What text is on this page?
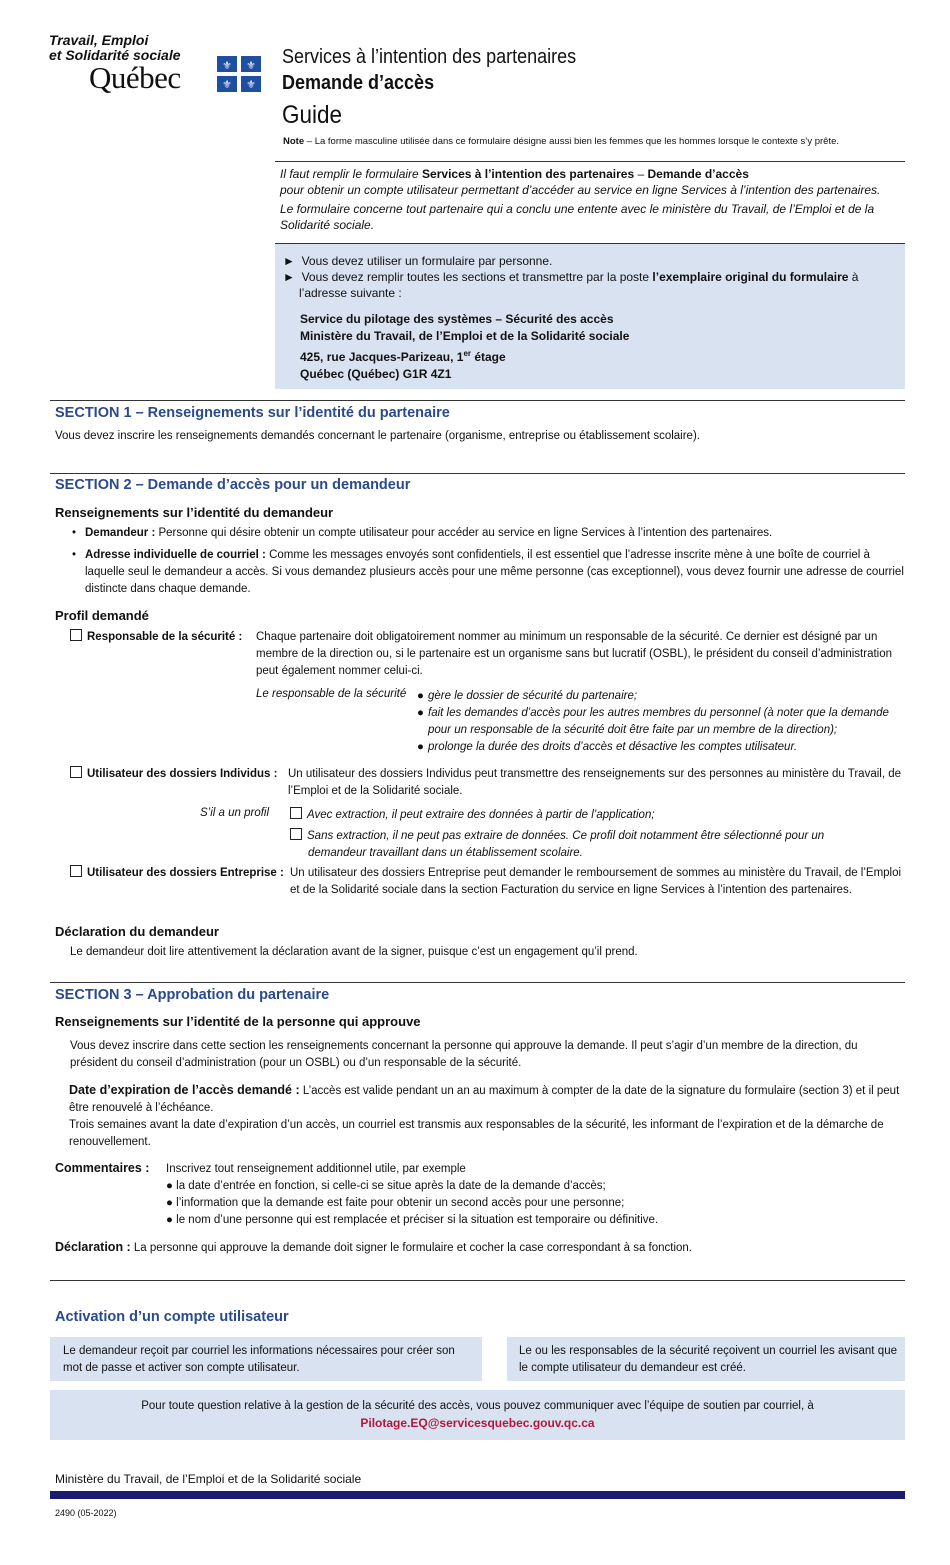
Travail, Emploi
et Solidarité sociale
Québec	⚜ ⚜
⚜ ⚜
Services à l’intention des partenaires
Demande d’accès
Guide
Note – La forme masculine utilisée dans ce formulaire désigne aussi bien les femmes que les hommes lorsque le contexte s’y prête.

Il faut remplir le formulaire Services à l’intention des partenaires – Demande d’accès

pour obtenir un compte utilisateur permettant d’accéder au service en ligne Services à l’intention des partenaires.

Le formulaire concerne tout partenaire qui a conclu une entente avec le ministère du Travail, de l’Emploi et de la Solidarité sociale.

► Vous devez utiliser un formulaire par personne.

► Vous devez remplir toutes les sections et transmettre par la poste l’exemplaire original du formulaire à l’adresse suivante :

Service du pilotage des systèmes – Sécurité des accès

Ministère du Travail, de l’Emploi et de la Solidarité sociale

425, rue Jacques-Parizeau, 1er étage

Québec (Québec) G1R 4Z1

SECTION 1 – Renseignements sur l’identité du partenaire
Vous devez inscrire les renseignements demandés concernant le partenaire (organisme, entreprise ou établissement scolaire).
SECTION 2 – Demande d’accès pour un demandeur
Renseignements sur l’identité du demandeur

• Demandeur : Personne qui désire obtenir un compte utilisateur pour accéder au service en ligne Services à l’intention des partenaires.

• Adresse individuelle de courriel : Comme les messages envoyés sont confidentiels, il est essentiel que l’adresse inscrite mène à une boîte de courriel à laquelle seul le demandeur a accès. Si vous demandez plusieurs accès pour une même personne (cas exceptionnel), vous devez fournir une adresse de courriel distincte dans chaque demande.

Profil demandé
Responsable de la sécurité : Chaque partenaire doit obligatoirement nommer au minimum un responsable de la sécurité. Ce dernier est désigné par un membre de la direction ou, si le partenaire est un organisme sans but lucratif (OSBL), le président du conseil d’administration peut également nommer celui-ci.
Le responsable de la sécurité ● gère le dossier de sécurité du partenaire;

● fait les demandes d’accès pour les autres membres du personnel (à noter que la demande pour un responsable de la sécurité doit être faite par un membre de la direction);

● prolonge la durée des droits d’accès et désactive les comptes utilisateur.

Utilisateur des dossiers Individus : Un utilisateur des dossiers Individus peut transmettre des renseignements sur des personnes au ministère du Travail, de l’Emploi et de la Solidarité sociale.
S’il a un profil	Avec extraction, il peut extraire des données à partir de l’application;

Sans extraction, il ne peut pas extraire de données. Ce profil doit notamment être sélectionné pour un demandeur travaillant dans un établissement scolaire.

Utilisateur des dossiers Entreprise : Un utilisateur des dossiers Entreprise peut demander le remboursement de sommes au ministère du Travail, de l’Emploi et de la Solidarité sociale dans la section Facturation du service en ligne Services à l’intention des partenaires.
Déclaration du demandeur
Le demandeur doit lire attentivement la déclaration avant de la signer, puisque c’est un engagement qu’il prend.
SECTION 3 – Approbation du partenaire
Renseignements sur l’identité de la personne qui approuve
Vous devez inscrire dans cette section les renseignements concernant la personne qui approuve la demande. Il peut s’agir d’un membre de la direction, du président du conseil d’administration (pour un OSBL) ou d’un responsable de la sécurité.

Date d’expiration de l’accès demandé : L’accès est valide pendant un an au maximum à compter de la date de la signature du formulaire (section 3) et il peut être renouvelé à l’échéance.

Trois semaines avant la date d’expiration d’un accès, un courriel est transmis aux responsables de la sécurité, les informant de l’expiration et de la démarche de renouvellement.

Commentaires : Inscrivez tout renseignement additionnel utile, par exemple

● la date d’entrée en fonction, si celle-ci se situe après la date de la demande d’accès;

● l’information que la demande est faite pour obtenir un second accès pour une personne;

● le nom d’une personne qui est remplacée et préciser si la situation est temporaire ou définitive.

Déclaration : La personne qui approuve la demande doit signer le formulaire et cocher la case correspondant à sa fonction.
Activation d’un compte utilisateur
Le demandeur reçoit par courriel les informations nécessaires pour créer son mot de passe et activer son compte utilisateur.
Le ou les responsables de la sécurité reçoivent un courriel les avisant que le compte utilisateur du demandeur est créé.
Pour toute question relative à la gestion de la sécurité des accès, vous pouvez communiquer avec l’équipe de soutien par courriel, à
Pilotage.EQ@servicesquebec.gouv.qc.ca
Ministère du Travail, de l’Emploi et de la Solidarité sociale
2490 (05-2022)
